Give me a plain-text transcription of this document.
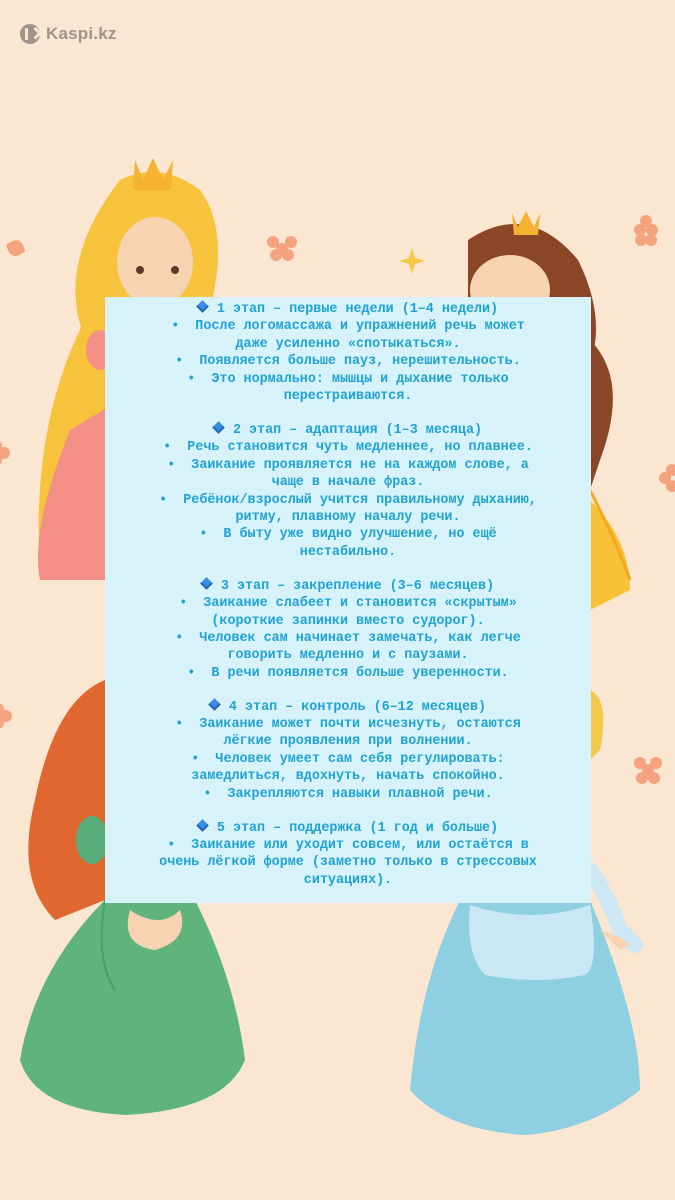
Kaspi.kz
1 этап – первые недели (1–4 недели)
•  После логомассажа и упражнений речь может
даже усиленно «спотыкаться».
•  Появляется больше пауз, нерешительность.
•  Это нормально: мышцы и дыхание только
перестраиваются.
2 этап – адаптация (1–3 месяца)
•  Речь становится чуть медленнее, но плавнее.
•  Заикание проявляется не на каждом слове, а
чаще в начале фраз.
•  Ребёнок/взрослый учится правильному дыханию,
ритму, плавному началу речи.
•  В быту уже видно улучшение, но ещё
нестабильно.
3 этап – закрепление (3–6 месяцев)
•  Заикание слабеет и становится «скрытым»
(короткие запинки вместо судорог).
•  Человек сам начинает замечать, как легче
говорить медленно и с паузами.
•  В речи появляется больше уверенности.
4 этап – контроль (6–12 месяцев)
•  Заикание может почти исчезнуть, остаются
лёгкие проявления при волнении.
•  Человек умеет сам себя регулировать:
замедлиться, вдохнуть, начать спокойно.
•  Закрепляются навыки плавной речи.
5 этап – поддержка (1 год и больше)
•  Заикание или уходит совсем, или остаётся в
очень лёгкой форме (заметно только в стрессовых
ситуациях).
